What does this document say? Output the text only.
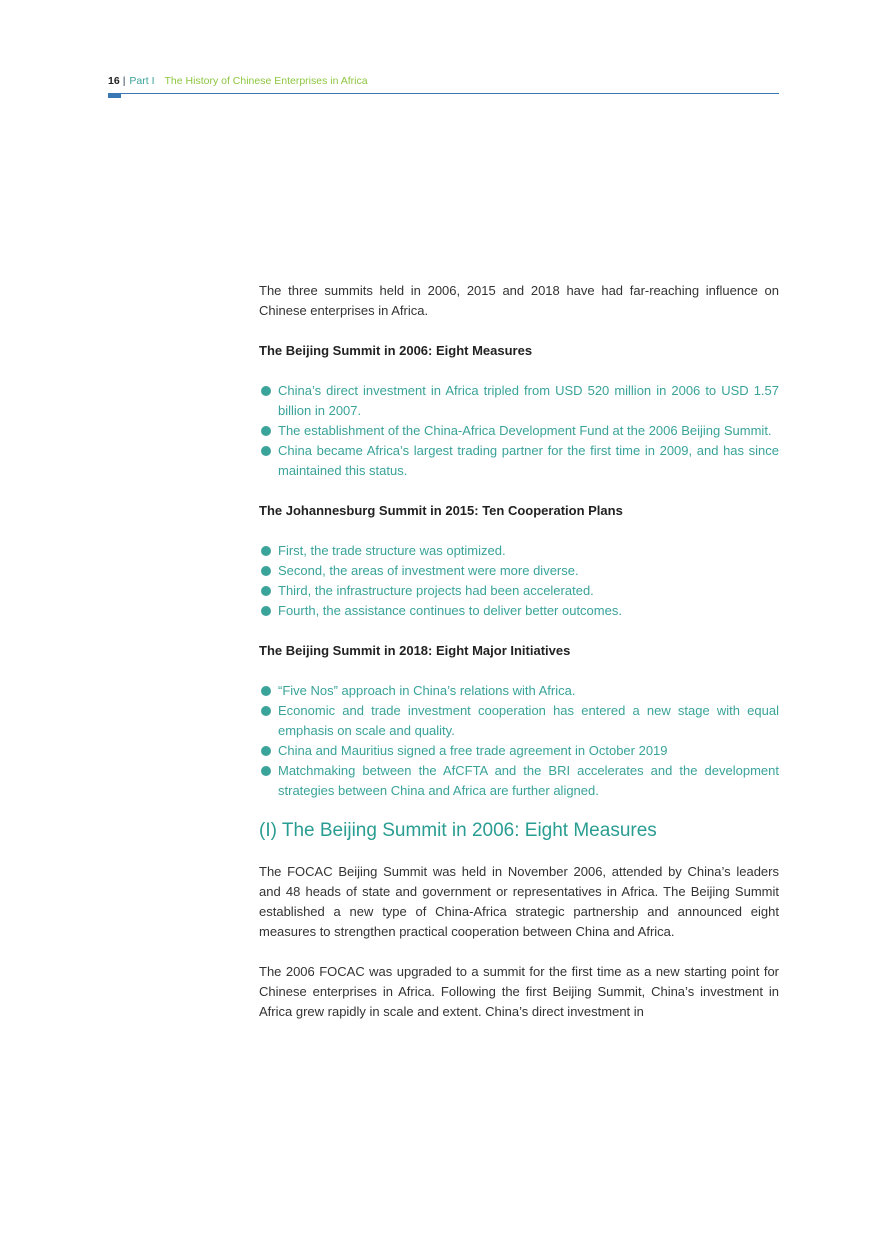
16 | Part I The History of Chinese Enterprises in Africa

The three summits held in 2006, 2015 and 2018 have had far-reaching influence on Chinese enterprises in Africa.

The Beijing Summit in 2006: Eight Measures
China’s direct investment in Africa tripled from USD 520 million in 2006 to USD 1.57 billion in 2007.
The establishment of the China-Africa Development Fund at the 2006 Beijing Summit.
China became Africa’s largest trading partner for the first time in 2009, and has since maintained this status.
The Johannesburg Summit in 2015: Ten Cooperation Plans
First, the trade structure was optimized.
Second, the areas of investment were more diverse.
Third, the infrastructure projects had been accelerated.
Fourth, the assistance continues to deliver better outcomes.
The Beijing Summit in 2018: Eight Major Initiatives
“Five Nos” approach in China’s relations with Africa.
Economic and trade investment cooperation has entered a new stage with equal emphasis on scale and quality.
China and Mauritius signed a free trade agreement in October 2019
Matchmaking between the AfCFTA and the BRI accelerates and the development strategies between China and Africa are further aligned.
(I) The Beijing Summit in 2006: Eight Measures

The FOCAC Beijing Summit was held in November 2006, attended by China’s leaders and 48 heads of state and government or representatives in Africa. The Beijing Summit established a new type of China-Africa strategic partnership and announced eight measures to strengthen practical cooperation between China and Africa.

The 2006 FOCAC was upgraded to a summit for the first time as a new starting point for Chinese enterprises in Africa. Following the first Beijing Summit, China’s investment in Africa grew rapidly in scale and extent. China’s direct investment in
